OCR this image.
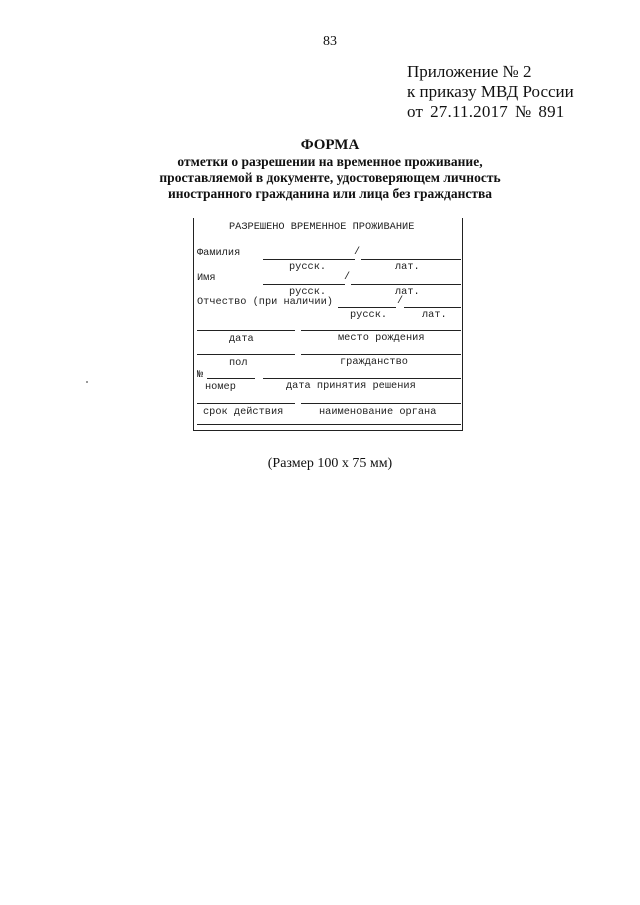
83
Приложение № 2
к приказу МВД России
от 27.11.2017 № 891
ФОРМА
отметки о разрешении на временное проживание,
проставляемой в документе, удостоверяющем личность
иностранного гражданина или лица без гражданства
РАЗРЕШЕНО ВРЕМЕННОЕ ПРОЖИВАНИЕ
Фамилия	/
русск.	лат.
Имя	/
русск.	лат.
Отчество (при наличии)	/
русск.	лат.
дата	место рождения
пол	гражданство
№
номер	дата принятия решения
срок действия	наименование органа
(Размер 100 х 75 мм)
